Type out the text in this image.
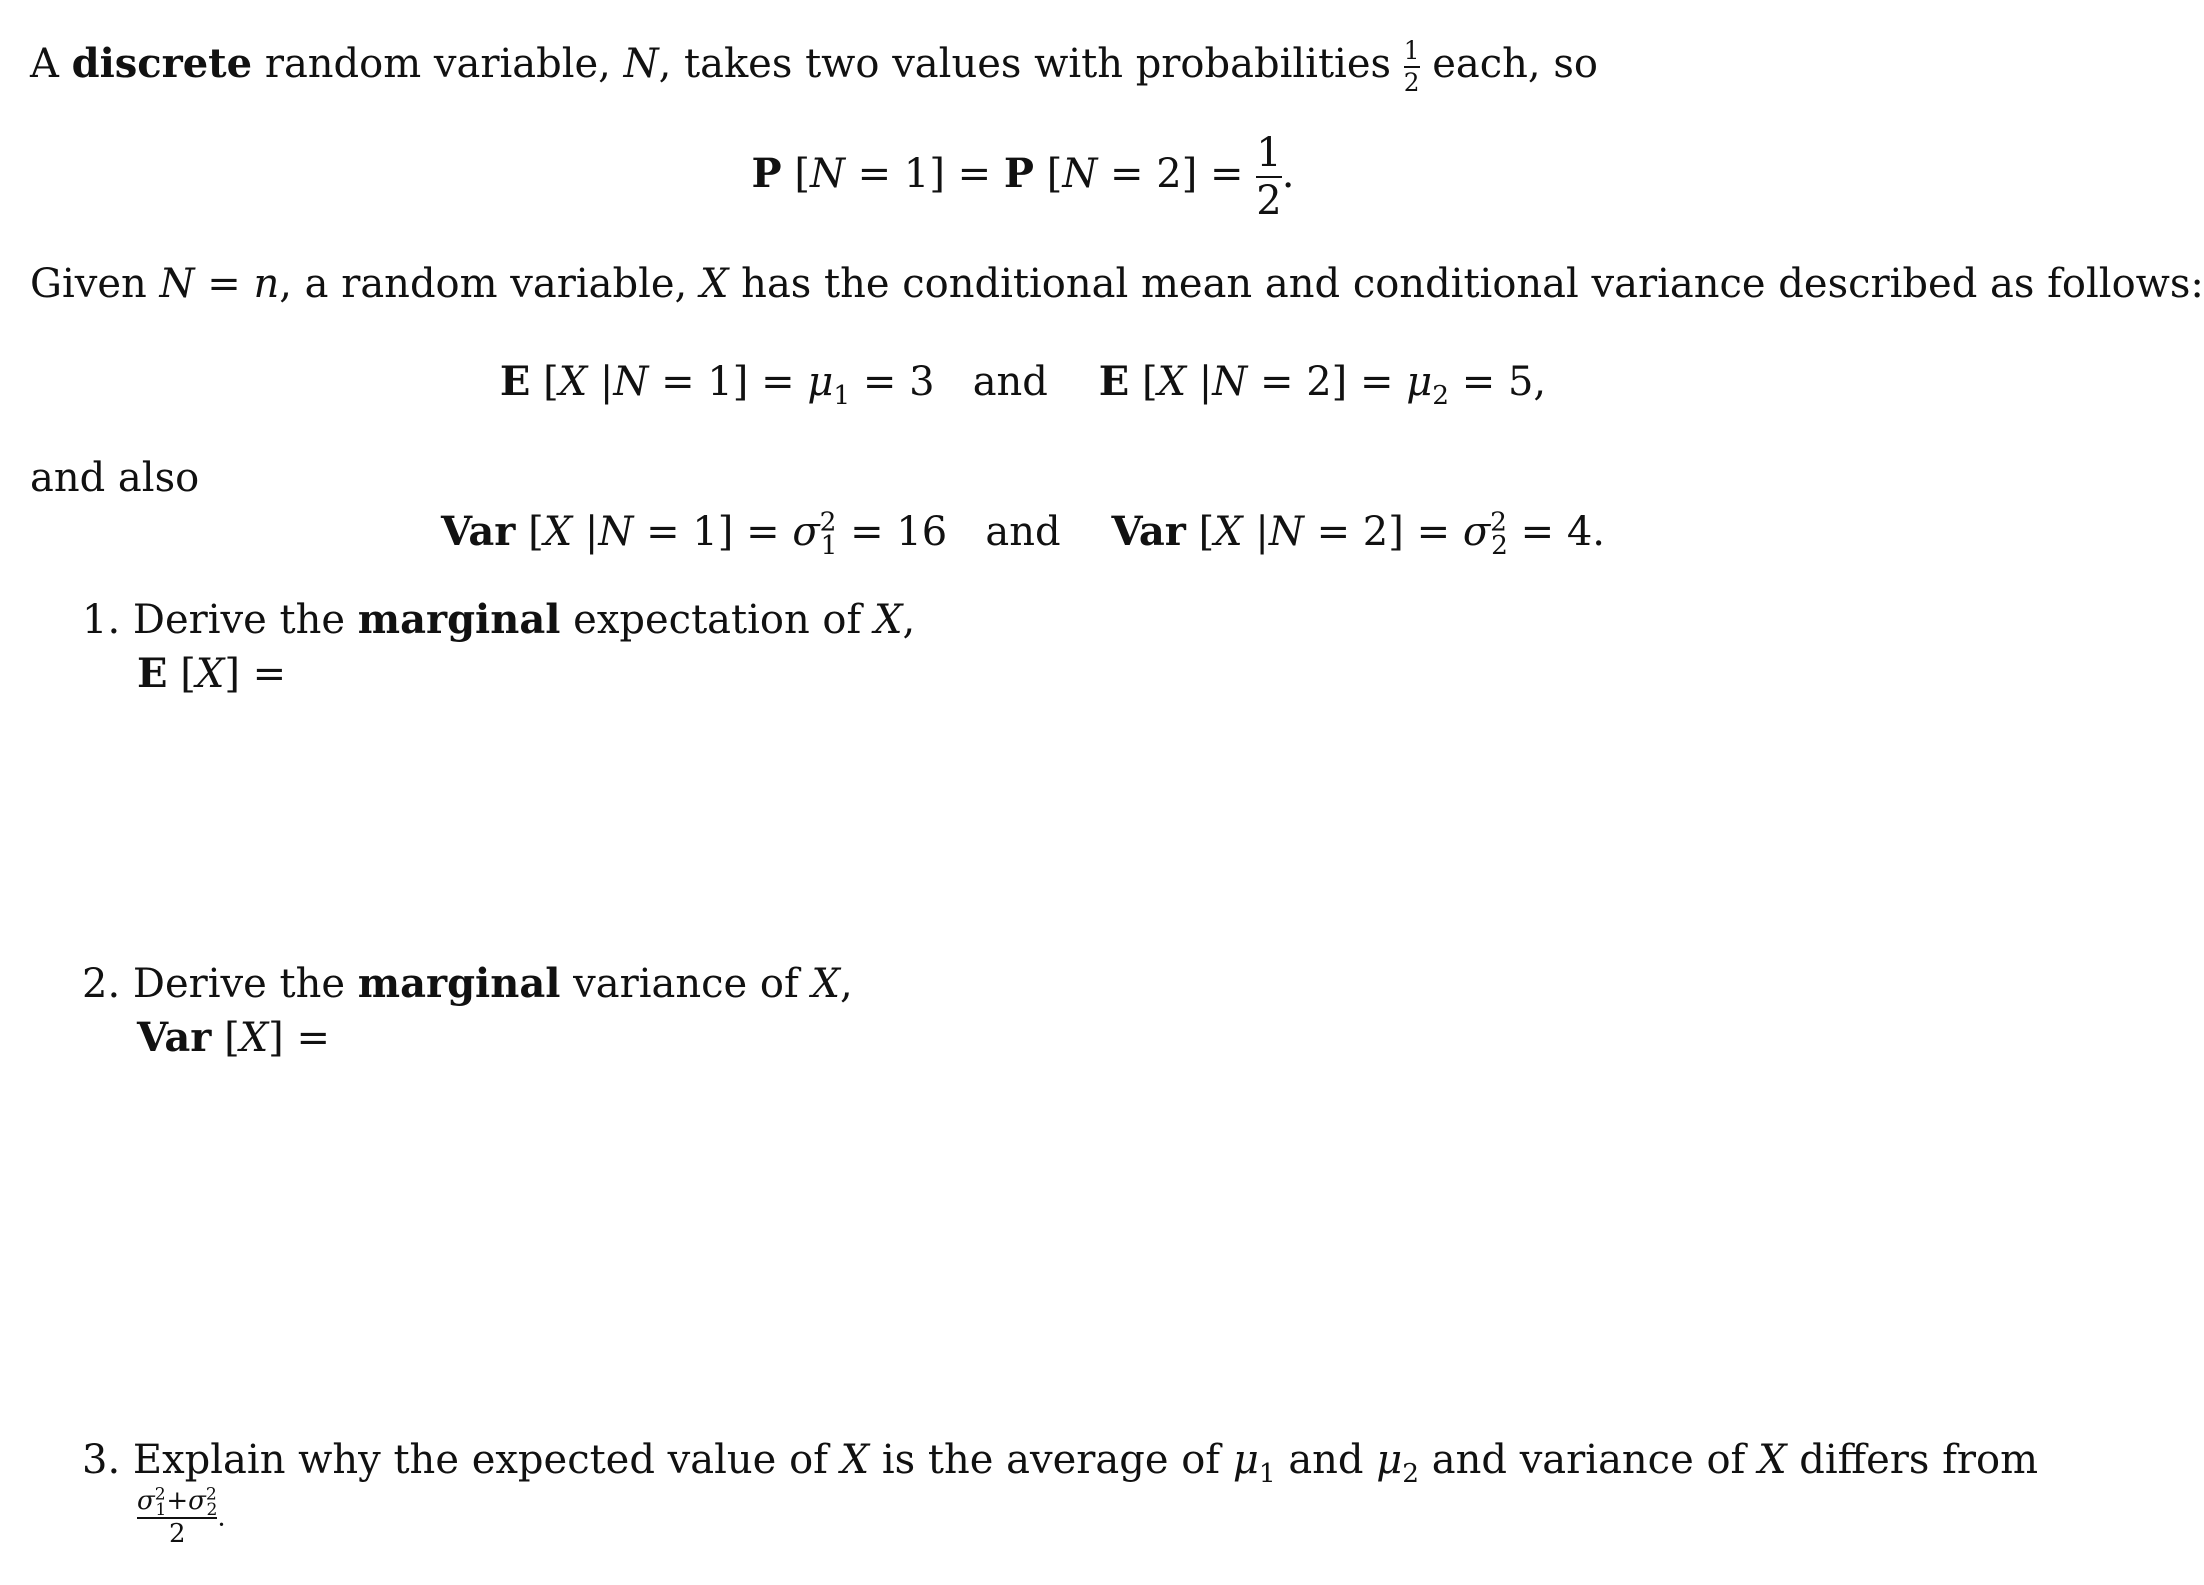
A discrete random variable, N, takes two values with probabilities $\frac{1}{2}$ each, so
P [N = 1] = P $[N = 2] = \frac{1}{2}$ .
Given N = n, a random variable, X has the conditional mean and conditional variance described as follows:
E [X $|N = 1] = \mu_1 = 3$ and E [X $|N = 2] = \mu_2 = 5$,
and also
Var [X $|N = 1] = \sigma^2_1 = 16$ and Var [X $|N = 2] = \sigma^2_2 = 4$.
1. Derive the marginal expectation of X,
E [X] =
2. Derive the marginal variance of X,
Var [X] =
3. Explain why the expected value of X is the average of $\mu_1$ and $\mu_2$ and variance of X differs from
$\frac{\sigma^2_1+\sigma^2_2}{2}$ .
